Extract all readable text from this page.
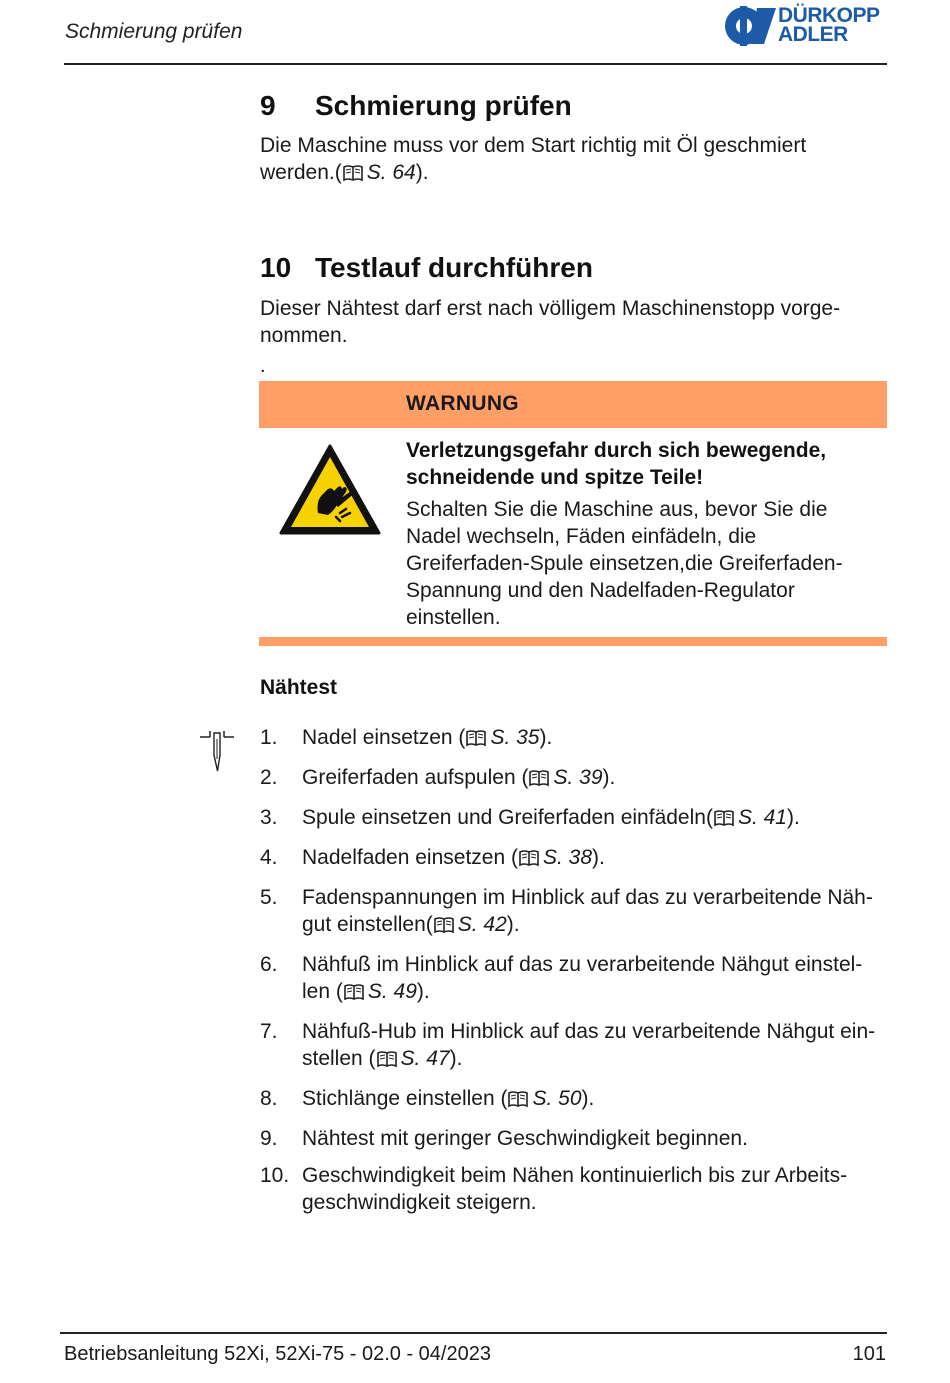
Schmierung prüfen
DÜRKOPP
ADLER
9 Schmierung prüfen
Die Maschine muss vor dem Start richtig mit Öl geschmiert werden.( S. 64).
10 Testlauf durchführen
Dieser Nähtest darf erst nach völligem Maschinenstopp vorge-
nommen.
.
WARNUNG
Verletzungsgefahr durch sich bewegende,
schneidende und spitze Teile!
Schalten Sie die Maschine aus, bevor Sie die
Nadel wechseln, Fäden einfädeln, die
Greiferfaden-Spule einsetzen,die Greiferfaden-
Spannung und den Nadelfaden-Regulator
einstellen.
Nähtest
1. Nadel einsetzen ( S. 35).
2. Greiferfaden aufspulen ( S. 39).
3. Spule einsetzen und Greiferfaden einfädeln( S. 41).
4. Nadelfaden einsetzen ( S. 38).
5. Fadenspannungen im Hinblick auf das zu verarbeitende Näh-
gut einstellen( S. 42).
6. Nähfuß im Hinblick auf das zu verarbeitende Nähgut einstel-
len ( S. 49).
7. Nähfuß-Hub im Hinblick auf das zu verarbeitende Nähgut ein-
stellen ( S. 47).
8. Stichlänge einstellen ( S. 50).
9. Nähtest mit geringer Geschwindigkeit beginnen.
10. Geschwindigkeit beim Nähen kontinuierlich bis zur Arbeits-
geschwindigkeit steigern.
Betriebsanleitung 52Xi, 52Xi-75 - 02.0 - 04/2023	101
